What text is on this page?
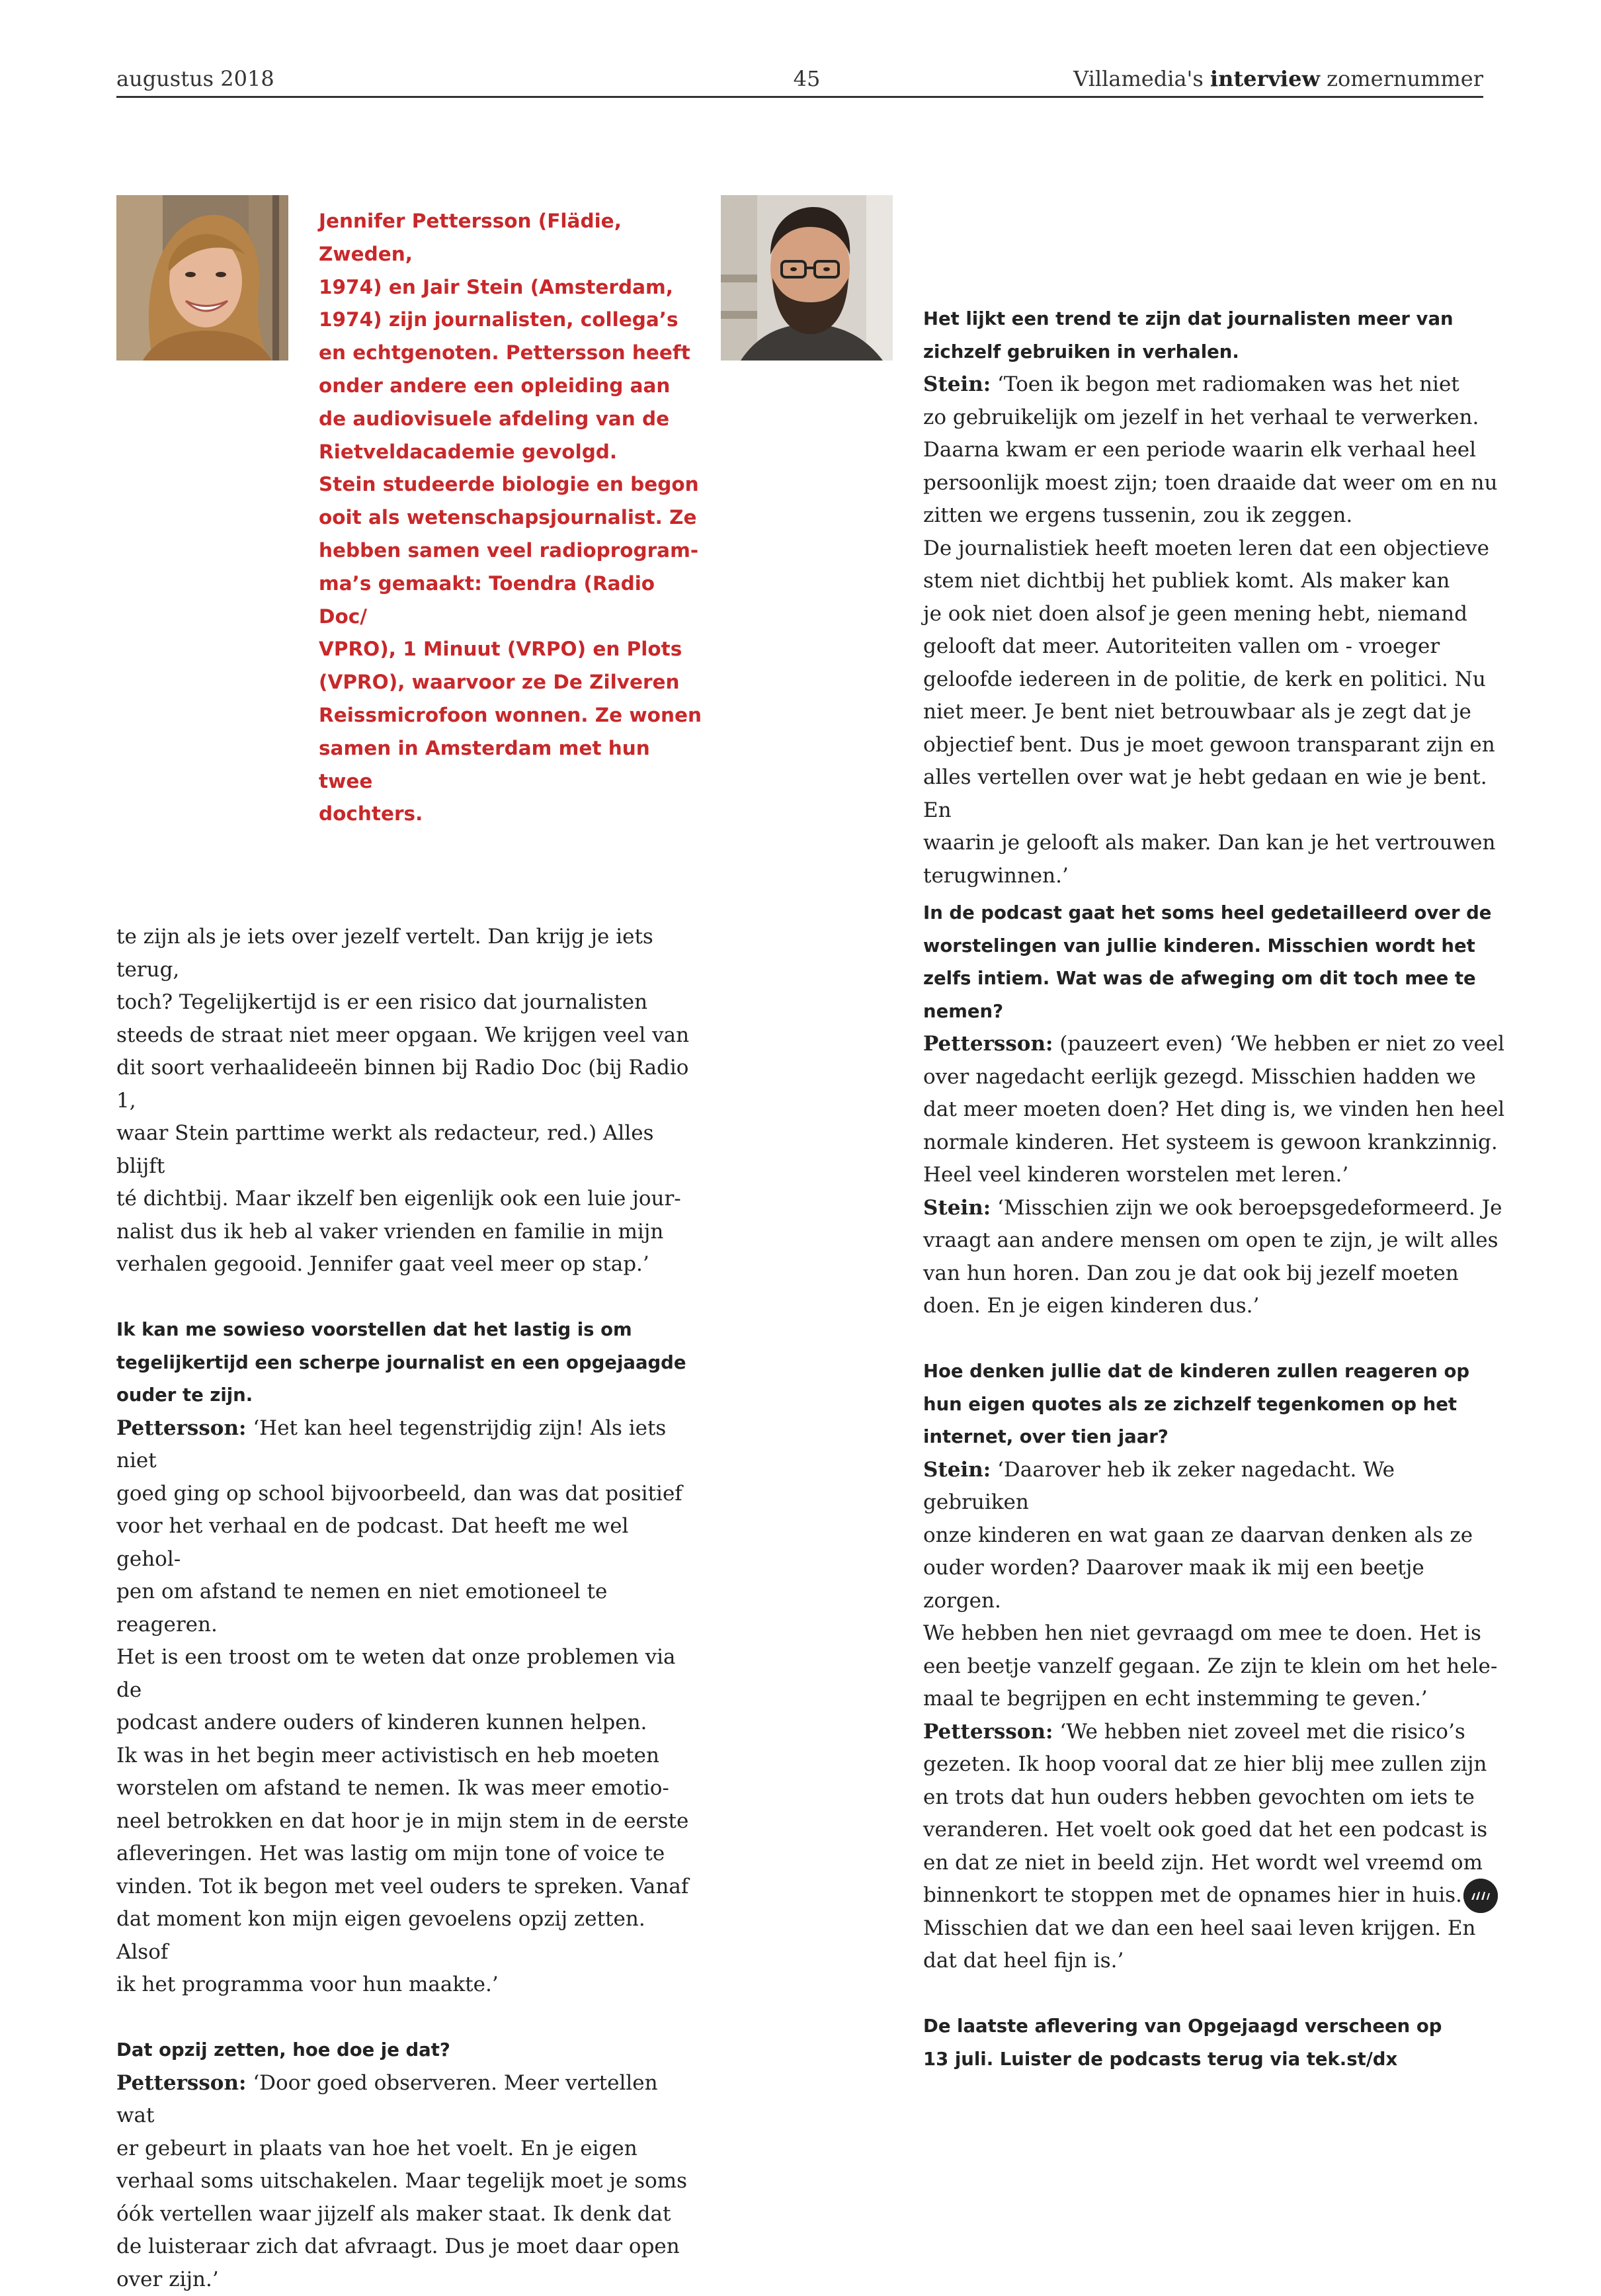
augustus 2018	45	Villamedia's interview zomernummer

Jennifer Pettersson (Flädie, Zweden,

1974) en Jair Stein (Amsterdam,

1974) zijn journalisten, collega’s

en echtgenoten. Pettersson heeft

onder andere een opleiding aan

de audiovisuele afdeling van de

Rietveldacademie gevolgd.

Stein studeerde biologie en begon

ooit als wetenschapsjournalist. Ze

hebben samen veel radioprogram-

ma’s gemaakt: Toendra (Radio Doc/

VPRO), 1 Minuut (VRPO) en Plots

(VPRO), waarvoor ze De Zilveren

Reissmicrofoon wonnen. Ze wonen

samen in Amsterdam met hun twee

dochters.

te zijn als je iets over jezelf vertelt. Dan krijg je iets terug,

toch? Tegelijkertijd is er een risico dat journalisten

steeds de straat niet meer opgaan. We krijgen veel van

dit soort verhaalideeën binnen bij Radio Doc (bij Radio 1,

waar Stein parttime werkt als redacteur, red.) Alles blijft

té dichtbij. Maar ikzelf ben eigenlijk ook een luie jour-

nalist dus ik heb al vaker vrienden en familie in mijn

verhalen gegooid. Jennifer gaat veel meer op stap.’

Ik kan me sowieso voorstellen dat het lastig is om

tegelijkertijd een scherpe journalist en een opgejaagde

ouder te zijn.

Pettersson: ‘Het kan heel tegenstrijdig zijn! Als iets niet

goed ging op school bijvoorbeeld, dan was dat positief

voor het verhaal en de podcast. Dat heeft me wel gehol-

pen om afstand te nemen en niet emotioneel te reageren.

Het is een troost om te weten dat onze problemen via de

podcast andere ouders of kinderen kunnen helpen.

Ik was in het begin meer activistisch en heb moeten

worstelen om afstand te nemen. Ik was meer emotio-

neel betrokken en dat hoor je in mijn stem in de eerste

afleveringen. Het was lastig om mijn tone of voice te

vinden. Tot ik begon met veel ouders te spreken. Vanaf

dat moment kon mijn eigen gevoelens opzij zetten. Alsof

ik het programma voor hun maakte.’

Dat opzij zetten, hoe doe je dat?

Pettersson: ‘Door goed observeren. Meer vertellen wat

er gebeurt in plaats van hoe het voelt. En je eigen

verhaal soms uitschakelen. Maar tegelijk moet je soms

óók vertellen waar jijzelf als maker staat. Ik denk dat

de luisteraar zich dat afvraagt. Dus je moet daar open

over zijn.’

Het lijkt een trend te zijn dat journalisten meer van

zichzelf gebruiken in verhalen.

Stein: ‘Toen ik begon met radiomaken was het niet

zo gebruikelijk om jezelf in het verhaal te verwerken.

Daarna kwam er een periode waarin elk verhaal heel

persoonlijk moest zijn; toen draaide dat weer om en nu

zitten we ergens tussenin, zou ik zeggen.

De journalistiek heeft moeten leren dat een objectieve

stem niet dichtbij het publiek komt. Als maker kan

je ook niet doen alsof je geen mening hebt, niemand

gelooft dat meer. Autoriteiten vallen om - vroeger

geloofde iedereen in de politie, de kerk en politici. Nu

niet meer. Je bent niet betrouwbaar als je zegt dat je

objectief bent. Dus je moet gewoon transparant zijn en

alles vertellen over wat je hebt gedaan en wie je bent. En

waarin je gelooft als maker. Dan kan je het vertrouwen

terugwinnen.’

In de podcast gaat het soms heel gedetailleerd over de

worstelingen van jullie kinderen. Misschien wordt het

zelfs intiem. Wat was de afweging om dit toch mee te

nemen?

Pettersson: (pauzeert even) ‘We hebben er niet zo veel

over nagedacht eerlijk gezegd. Misschien hadden we

dat meer moeten doen? Het ding is, we vinden hen heel

normale kinderen. Het systeem is gewoon krankzinnig.

Heel veel kinderen worstelen met leren.’

Stein: ‘Misschien zijn we ook beroepsgedeformeerd. Je

vraagt aan andere mensen om open te zijn, je wilt alles

van hun horen. Dan zou je dat ook bij jezelf moeten

doen. En je eigen kinderen dus.’

Hoe denken jullie dat de kinderen zullen reageren op

hun eigen quotes als ze zichzelf tegenkomen op het

internet, over tien jaar?

Stein: ‘Daarover heb ik zeker nagedacht. We gebruiken

onze kinderen en wat gaan ze daarvan denken als ze

ouder worden? Daarover maak ik mij een beetje zorgen.

We hebben hen niet gevraagd om mee te doen. Het is

een beetje vanzelf gegaan. Ze zijn te klein om het hele-

maal te begrijpen en echt instemming te geven.’

Pettersson: ‘We hebben niet zoveel met die risico’s

gezeten. Ik hoop vooral dat ze hier blij mee zullen zijn

en trots dat hun ouders hebben gevochten om iets te

veranderen. Het voelt ook goed dat het een podcast is

en dat ze niet in beeld zijn. Het wordt wel vreemd om

binnenkort te stoppen met de opnames hier in huis.

Misschien dat we dan een heel saai leven krijgen. En

dat dat heel fijn is.’

De laatste aflevering van Opgejaagd verscheen op

13 juli. Luister de podcasts terug via tek.st/dx
